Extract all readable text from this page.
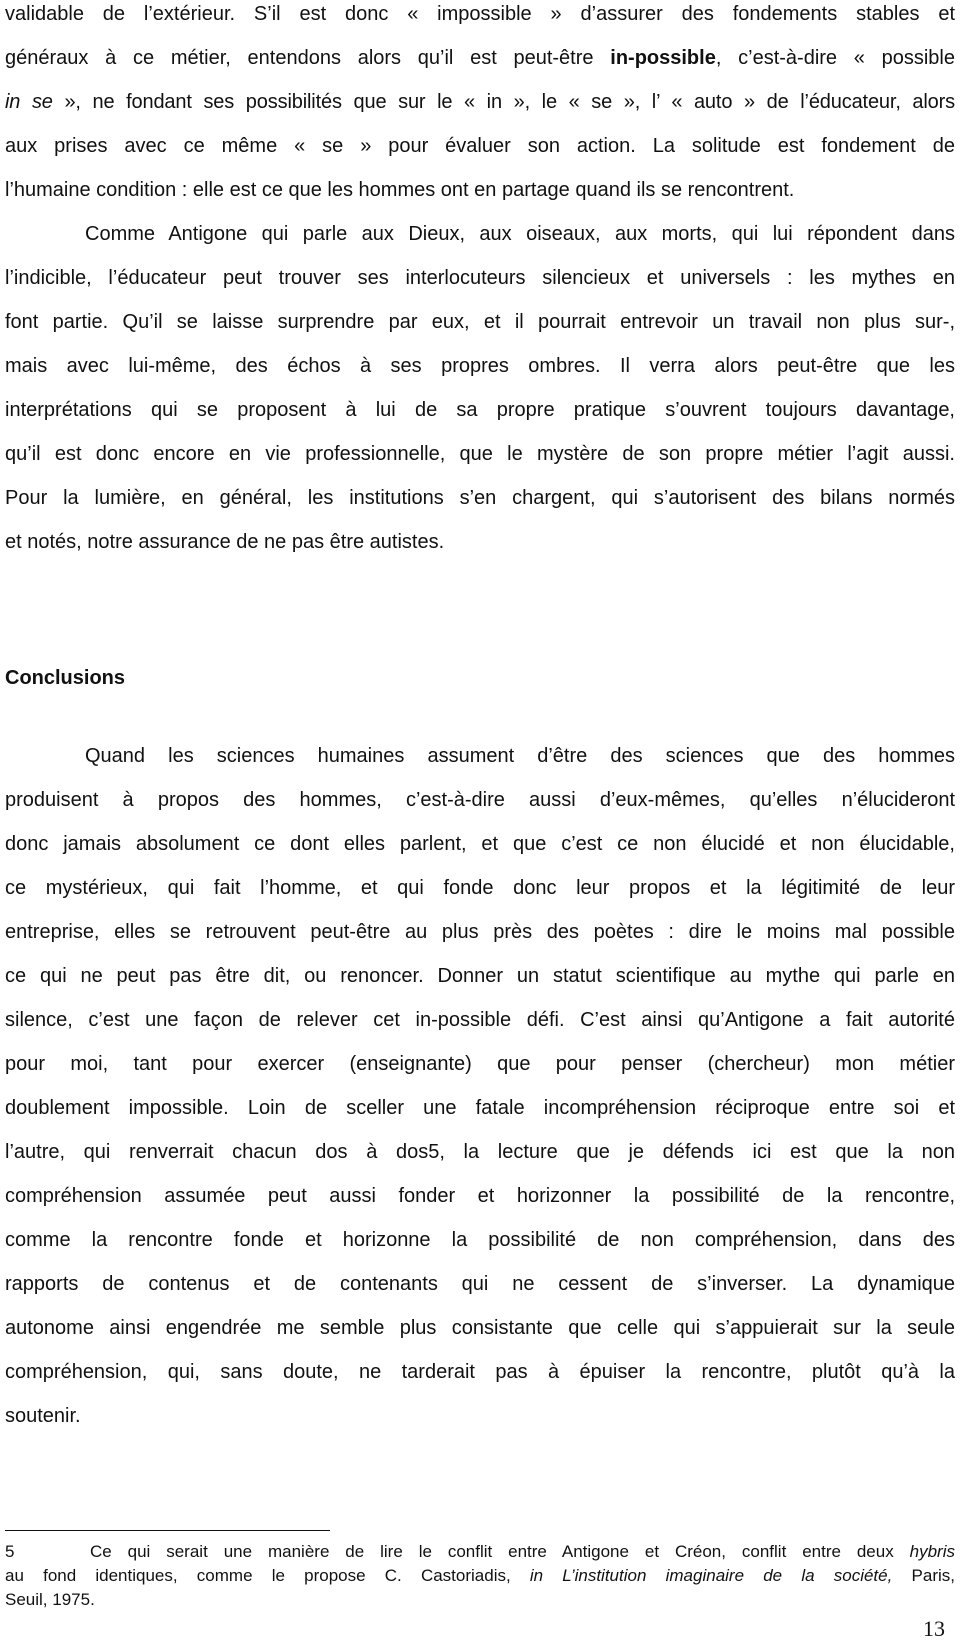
validable de l’extérieur. S’il est donc « impossible » d’assurer des fondements stables et
généraux à ce métier, entendons alors qu’il est peut-être in-possible, c’est-à-dire « possible
in se », ne fondant ses possibilités que sur le « in », le « se », l’ « auto » de l’éducateur, alors
aux prises avec ce même « se » pour évaluer son action. La solitude est fondement de
l’humaine condition : elle est ce que les hommes ont en partage quand ils se rencontrent.
Comme Antigone qui parle aux Dieux, aux oiseaux, aux morts, qui lui répondent dans
l’indicible, l’éducateur peut trouver ses interlocuteurs silencieux et universels : les mythes en
font partie. Qu’il se laisse surprendre par eux, et il pourrait entrevoir un travail non plus sur-,
mais avec lui-même, des échos à ses propres ombres. Il verra alors peut-être que les
interprétations qui se proposent à lui de sa propre pratique s’ouvrent toujours davantage,
qu’il est donc encore en vie professionnelle, que le mystère de son propre métier l’agit aussi.
Pour la lumière, en général, les institutions s’en chargent, qui s’autorisent des bilans normés
et notés, notre assurance de ne pas être autistes.
Conclusions
Quand les sciences humaines assument d’être des sciences que des hommes
produisent à propos des hommes, c’est-à-dire aussi d’eux-mêmes, qu’elles n’élucideront
donc jamais absolument ce dont elles parlent, et que c’est ce non élucidé et non élucidable,
ce mystérieux, qui fait l’homme, et qui fonde donc leur propos et la légitimité de leur
entreprise, elles se retrouvent peut-être au plus près des poètes : dire le moins mal possible
ce qui ne peut pas être dit, ou renoncer. Donner un statut scientifique au mythe qui parle en
silence, c’est une façon de relever cet in-possible défi. C’est ainsi qu’Antigone a fait autorité
pour moi, tant pour exercer (enseignante) que pour penser (chercheur) mon métier
doublement impossible. Loin de sceller une fatale incompréhension réciproque entre soi et
l’autre, qui renverrait chacun dos à dos5, la lecture que je défends ici est que la non
compréhension assumée peut aussi fonder et horizonner la possibilité de la rencontre,
comme la rencontre fonde et horizonne la possibilité de non compréhension, dans des
rapports de contenus et de contenants qui ne cessent de s’inverser. La dynamique
autonome ainsi engendrée me semble plus consistante que celle qui s’appuierait sur la seule
compréhension, qui, sans doute, ne tarderait pas à épuiser la rencontre, plutôt qu’à la
soutenir.
5	Ce qui serait une manière de lire le conflit entre Antigone et Créon, conflit entre deux hybris
au fond identiques, comme le propose C. Castoriadis, in L’institution imaginaire de la société, Paris,
Seuil, 1975.
13
